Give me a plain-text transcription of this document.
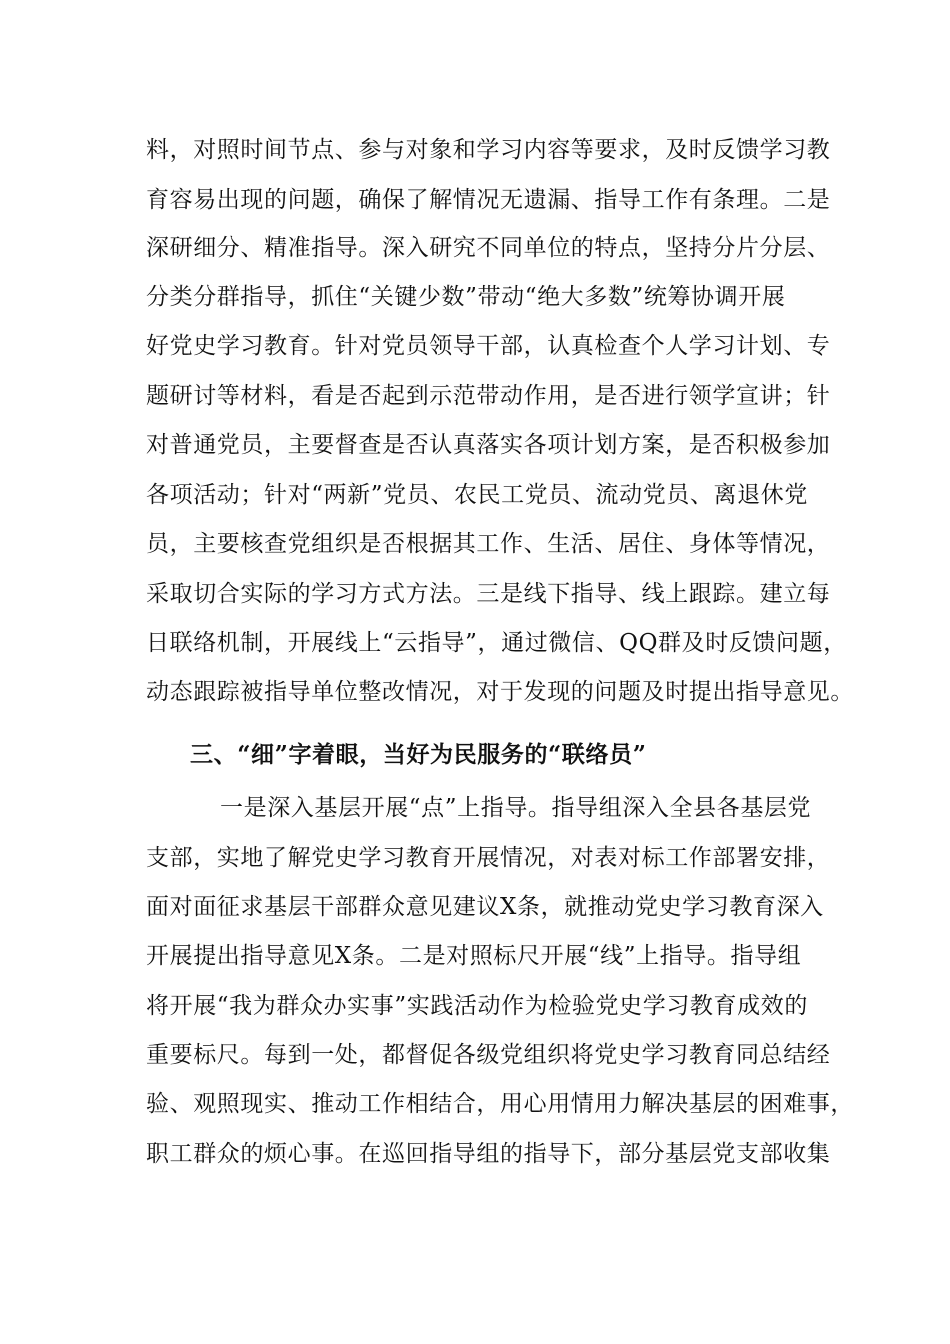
料，对照时间节点、参与对象和学习内容等要求，及时反馈学习教
育容易出现的问题，确保了解情况无遗漏、指导工作有条理。二是
深研细分、精准指导。深入研究不同单位的特点，坚持分片分层、
分类分群指导，抓住“关键少数”带动“绝大多数”统筹协调开展
好党史学习教育。针对党员领导干部，认真检查个人学习计划、专
题研讨等材料，看是否起到示范带动作用，是否进行领学宣讲；针
对普通党员，主要督查是否认真落实各项计划方案，是否积极参加
各项活动；针对“两新”党员、农民工党员、流动党员、离退休党
员，主要核查党组织是否根据其工作、生活、居住、身体等情况，
采取切合实际的学习方式方法。三是线下指导、线上跟踪。建立每
日联络机制，开展线上“云指导”，通过微信、QQ群及时反馈问题，
动态跟踪被指导单位整改情况，对于发现的问题及时提出指导意见。
三、“细”字着眼，当好为民服务的“联络员”
一是深入基层开展“点”上指导。指导组深入全县各基层党
支部，实地了解党史学习教育开展情况，对表对标工作部署安排，
面对面征求基层干部群众意见建议X条，就推动党史学习教育深入
开展提出指导意见X条。二是对照标尺开展“线”上指导。指导组
将开展“我为群众办实事”实践活动作为检验党史学习教育成效的
重要标尺。每到一处，都督促各级党组织将党史学习教育同总结经
验、观照现实、推动工作相结合，用心用情用力解决基层的困难事，
职工群众的烦心事。在巡回指导组的指导下，部分基层党支部收集
